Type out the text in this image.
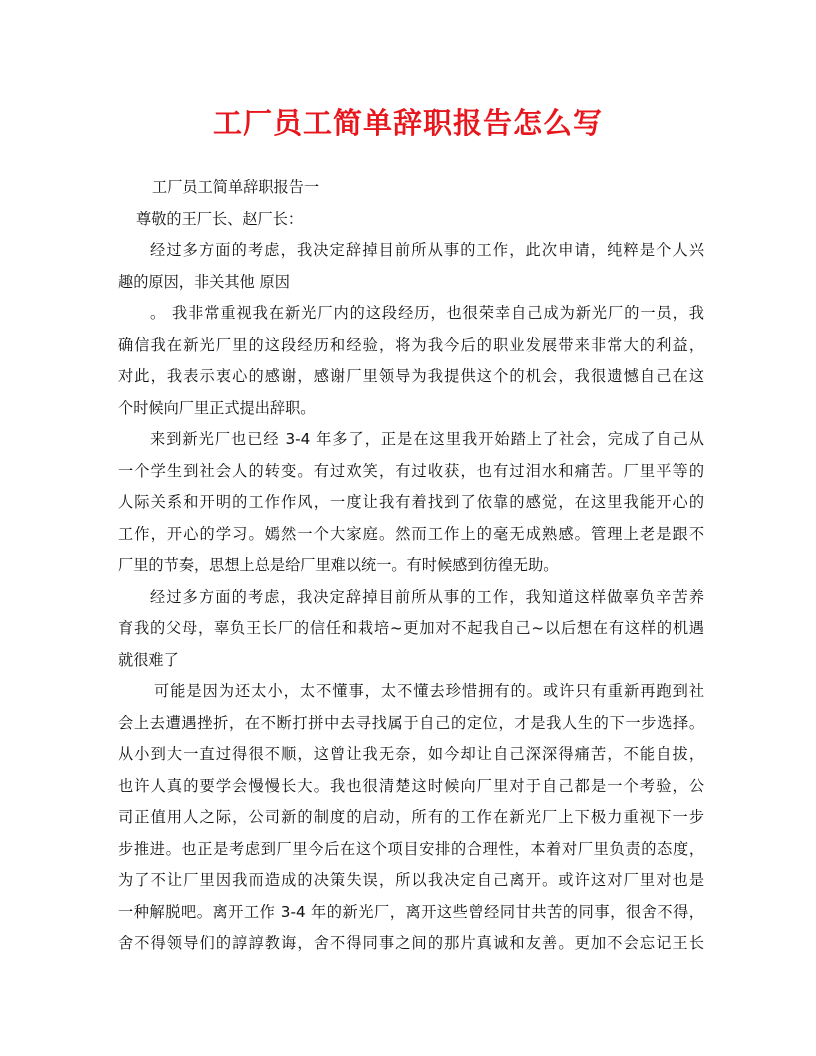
工厂员工简单辞职报告怎么写
工厂员工简单辞职报告一
尊敬的王厂长、赵厂长：
经过多方面的考虑，我决定辞掉目前所从事的工作，此次申请，纯粹是个人兴
趣的原因，非关其他 原因
。 我非常重视我在新光厂内的这段经历，也很荣幸自己成为新光厂的一员，我
确信我在新光厂里的这段经历和经验，将为我今后的职业发展带来非常大的利益，
对此，我表示衷心的感谢，感谢厂里领导为我提供这个的机会，我很遗憾自己在这
个时候向厂里正式提出辞职。
来到新光厂也已经 3-4 年多了，正是在这里我开始踏上了社会，完成了自己从
一个学生到社会人的转变。有过欢笑，有过收获，也有过泪水和痛苦。厂里平等的
人际关系和开明的工作作风，一度让我有着找到了依靠的感觉，在这里我能开心的
工作，开心的学习。嫣然一个大家庭。然而工作上的毫无成熟感。管理上老是跟不
厂里的节奏，思想上总是给厂里难以统一。有时候感到彷徨无助。
经过多方面的考虑，我决定辞掉目前所从事的工作，我知道这样做辜负辛苦养
育我的父母，辜负王长厂的信任和栽培~更加对不起我自己~以后想在有这样的机遇
就很难了
可能是因为还太小，太不懂事，太不懂去珍惜拥有的。或许只有重新再跑到社
会上去遭遇挫折，在不断打拼中去寻找属于自己的定位，才是我人生的下一步选择。
从小到大一直过得很不顺，这曾让我无奈，如今却让自己深深得痛苦，不能自拔，
也许人真的要学会慢慢长大。我也很清楚这时候向厂里对于自己都是一个考验，公
司正值用人之际，公司新的制度的启动，所有的工作在新光厂上下极力重视下一步
步推进。也正是考虑到厂里今后在这个项目安排的合理性，本着对厂里负责的态度，
为了不让厂里因我而造成的决策失误，所以我决定自己离开。或许这对厂里对也是
一种解脱吧。离开工作 3-4 年的新光厂，离开这些曾经同甘共苦的同事，很舍不得，
舍不得领导们的諄諄教诲，舍不得同事之间的那片真诚和友善。更加不会忘记王长
